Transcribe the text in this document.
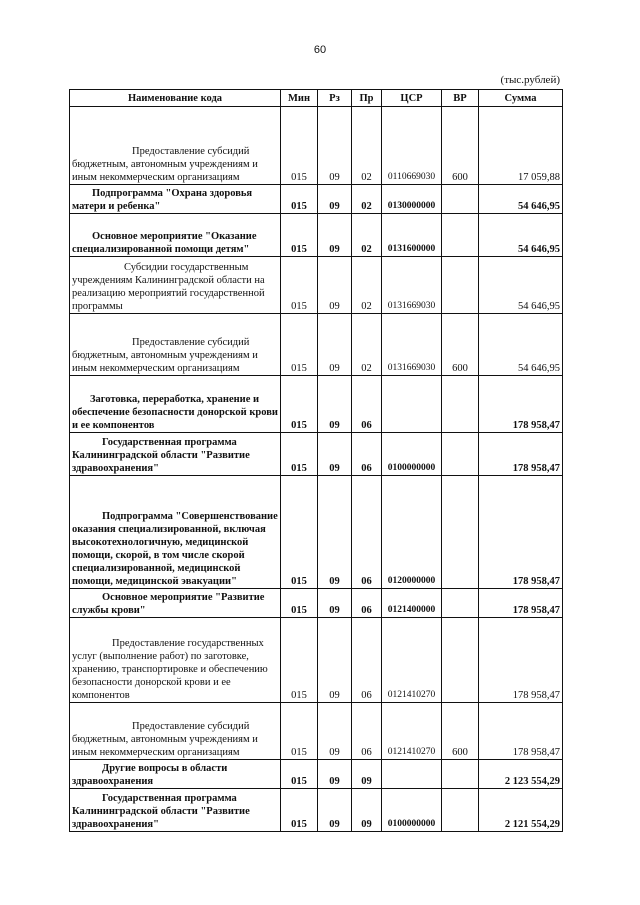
60
(тыс.рублей)
Наименование кода	Мин	Рз	Пр	ЦСР	ВР	Сумма
Предоставление субсидий бюджетным, автономным учреждениям и иным некоммерческим организациям	015	09	02	0110669030	600	17 059,88
Подпрограмма "Охрана здоровья матери и ребенка"	015	09	02	0130000000		54 646,95
Основное мероприятие "Оказание специализированной помощи детям"	015	09	02	0131600000		54 646,95
Субсидии государственным учреждениям Калининградской области на реализацию мероприятий государственной программы	015	09	02	0131669030		54 646,95
Предоставление субсидий бюджетным, автономным учреждениям и иным некоммерческим организациям	015	09	02	0131669030	600	54 646,95
Заготовка, переработка, хранение и обеспечение безопасности донорской крови и ее компонентов	015	09	06			178 958,47
Государственная программа Калининградской области "Развитие здравоохранения"	015	09	06	0100000000		178 958,47
Подпрограмма "Совершенствование оказания специализированной, включая высокотехнологичную, медицинской помощи, скорой, в том числе скорой специализированной, медицинской помощи, медицинской эвакуации"	015	09	06	0120000000		178 958,47
Основное мероприятие "Развитие службы крови"	015	09	06	0121400000		178 958,47
Предоставление государственных услуг (выполнение работ) по заготовке, хранению, транспортировке и обеспечению безопасности донорской крови и ее компонентов	015	09	06	0121410270		178 958,47
Предоставление субсидий бюджетным, автономным учреждениям и иным некоммерческим организациям	015	09	06	0121410270	600	178 958,47
Другие вопросы в области здравоохранения	015	09	09			2 123 554,29
Государственная программа Калининградской области "Развитие здравоохранения"	015	09	09	0100000000		2 121 554,29
